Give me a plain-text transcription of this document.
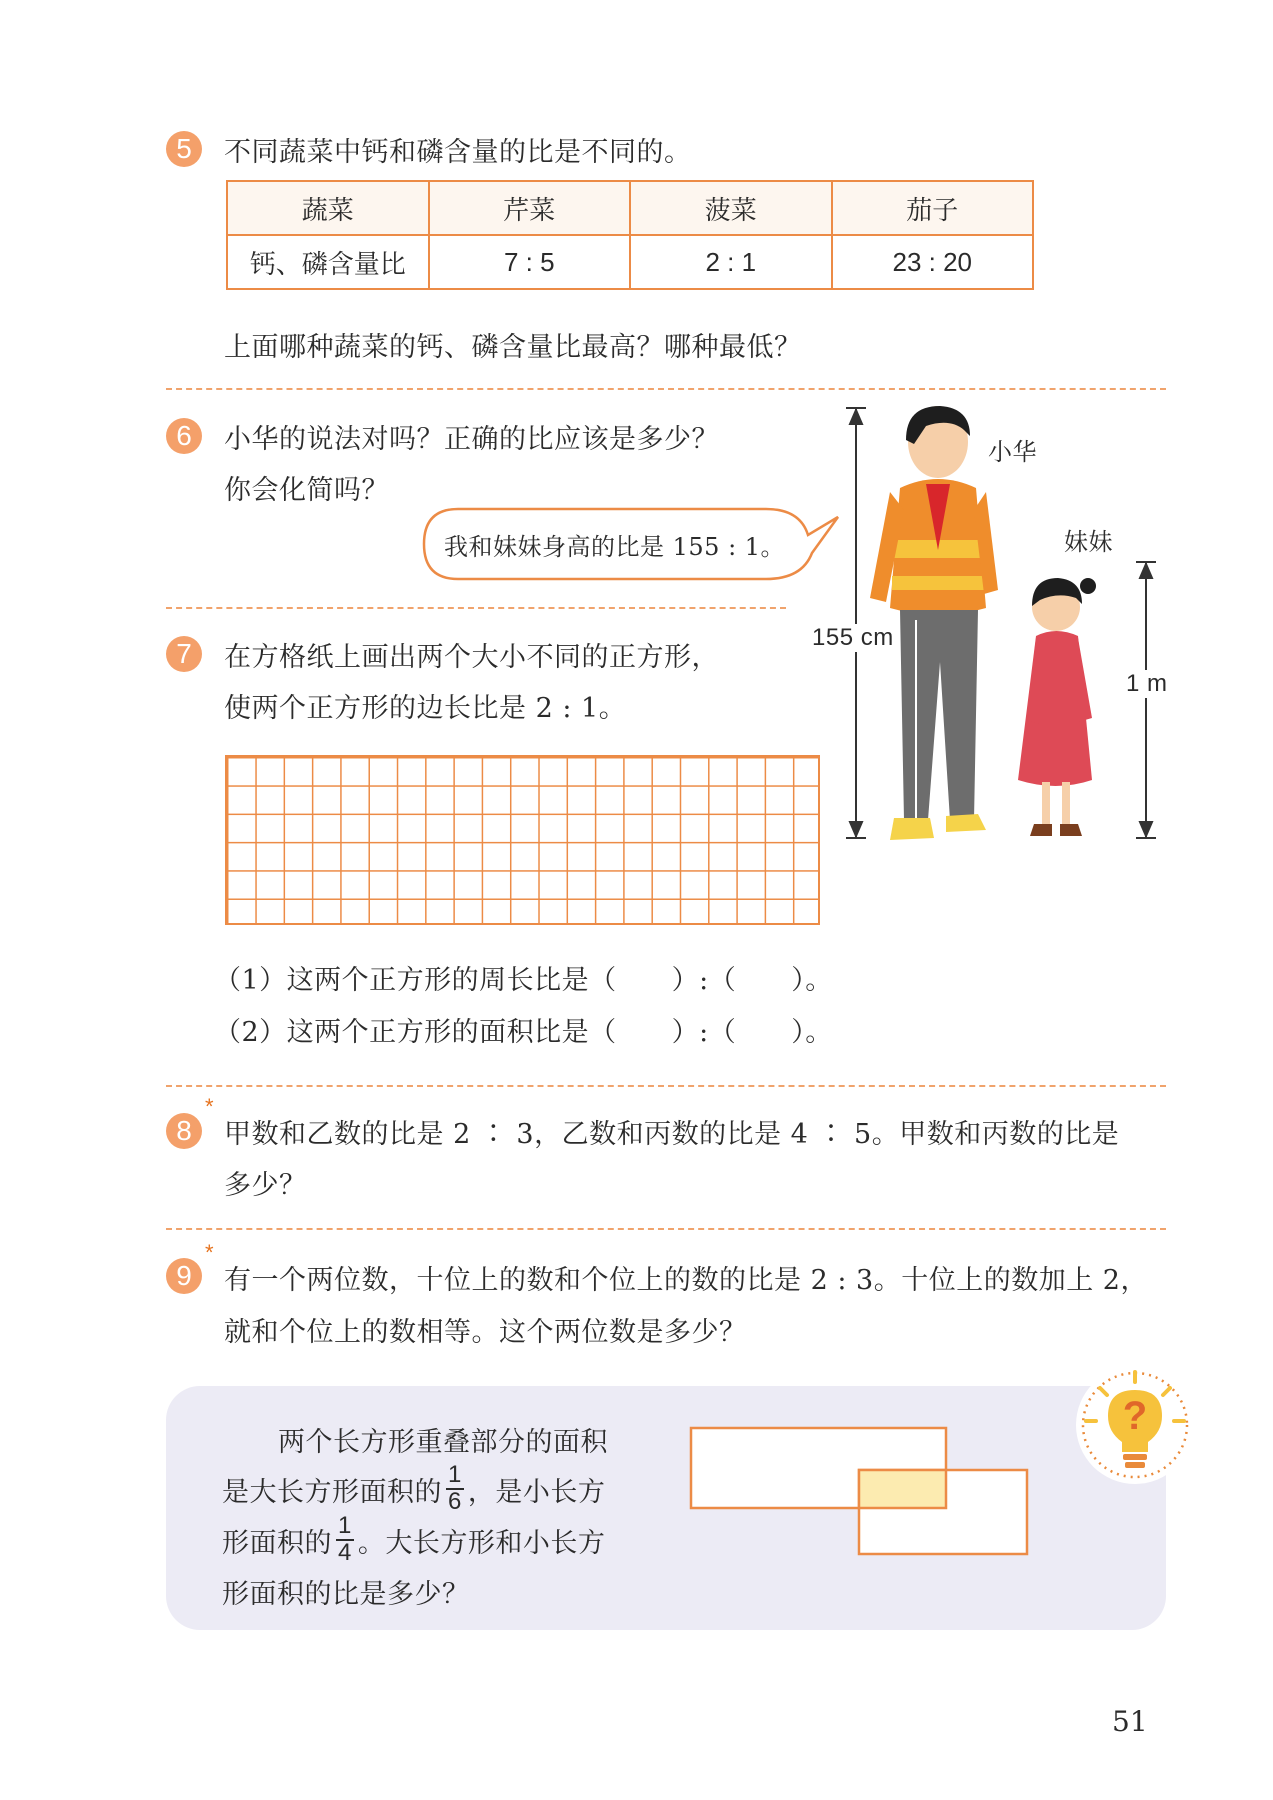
5	不同蔬菜中钙和磷含量的比是不同的。
蔬菜	芹菜	菠菜	茄子
钙、磷含量比	7 : 5	2 : 1	23 : 20
上面哪种蔬菜的钙、磷含量比最高？哪种最低？
6	小华的说法对吗？正确的比应该是多少？
你会化简吗？
我和妹妹身高的比是 155 : 1。
小华
妹妹
155 cm
1 m
7	在方格纸上画出两个大小不同的正方形，
使两个正方形的边长比是 2 : 1。
（1）这两个正方形的周长比是（　　）:（　　）。
（2）这两个正方形的面积比是（　　）:（　　）。
8
*
甲数和乙数的比是 2 ∶ 3，乙数和丙数的比是 4 ∶ 5。甲数和丙数的比是
多少？
9
*
有一个两位数，十位上的数和个位上的数的比是 2 : 3。十位上的数加上 2，
就和个位上的数相等。这个两位数是多少？
两个长方形重叠部分的面积
是大长方形面积的 $\frac{1}{6}$ ，是小长方
形面积的 $\frac{1}{4}$ 。大长方形和小长方
形面积的比是多少？
?
51
